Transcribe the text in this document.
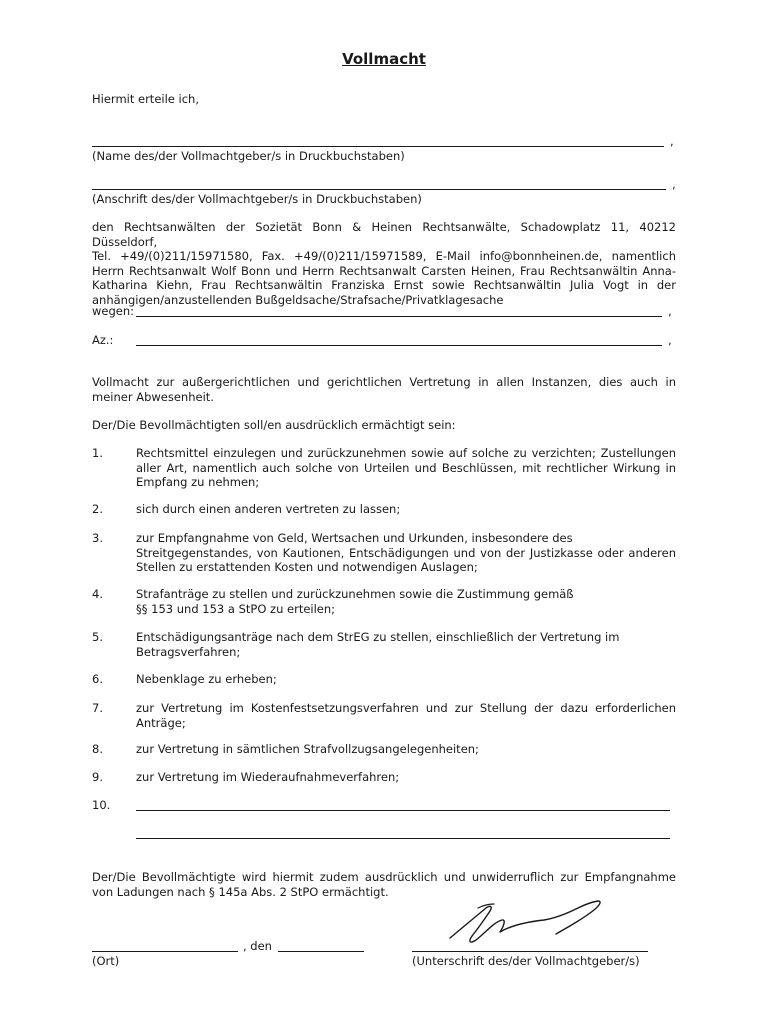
Vollmacht
Hiermit erteile ich,
,
(Name des/der Vollmachtgeber/s in Druckbuchstaben)
,
(Anschrift des/der Vollmachtgeber/s in Druckbuchstaben)
den Rechtsanwälten der Sozietät Bonn & Heinen Rechtsanwälte, Schadowplatz 11, 40212 Düsseldorf,
Tel. +49/(0)211/15971580, Fax. +49/(0)211/15971589, E-Mail info@bonnheinen.de, namentlich
Herrn Rechtsanwalt Wolf Bonn und Herrn Rechtsanwalt Carsten Heinen, Frau Rechtsanwältin Anna-
Katharina Kiehn, Frau Rechtsanwältin Franziska Ernst sowie Rechtsanwältin Julia Vogt in der
anhängigen/anzustellenden Bußgeldsache/Strafsache/Privatklagesache
wegen:	,
Az.:	,
Vollmacht zur außergerichtlichen und gerichtlichen Vertretung in allen Instanzen, dies auch in
meiner Abwesenheit.
Der/Die Bevollmächtigten soll/en ausdrücklich ermächtigt sein:
1.	Rechtsmittel einzulegen und zurückzunehmen sowie auf solche zu verzichten; Zustellungen
aller Art, namentlich auch solche von Urteilen und Beschlüssen, mit rechtlicher Wirkung in
Empfang zu nehmen;
2.	sich durch einen anderen vertreten zu lassen;
3.	zur Empfangnahme von Geld, Wertsachen und Urkunden, insbesondere des
Streitgegenstandes, von Kautionen, Entschädigungen und von der Justizkasse oder anderen
Stellen zu erstattenden Kosten und notwendigen Auslagen;
4.	Strafanträge zu stellen und zurückzunehmen sowie die Zustimmung gemäß
§§ 153 und 153 a StPO zu erteilen;
5.	Entschädigungsanträge nach dem StrEG zu stellen, einschließlich der Vertretung im
Betragsverfahren;
6.	Nebenklage zu erheben;
7.	zur Vertretung im Kostenfestsetzungsverfahren und zur Stellung der dazu erforderlichen
Anträge;
8.	zur Vertretung in sämtlichen Strafvollzugsangelegenheiten;
9.	zur Vertretung im Wiederaufnahmeverfahren;
10.
Der/Die Bevollmächtigte wird hiermit zudem ausdrücklich und unwiderruflich zur Empfangnahme
von Ladungen nach § 145a Abs. 2 StPO ermächtigt.
, den
(Ort)	(Unterschrift des/der Vollmachtgeber/s)
